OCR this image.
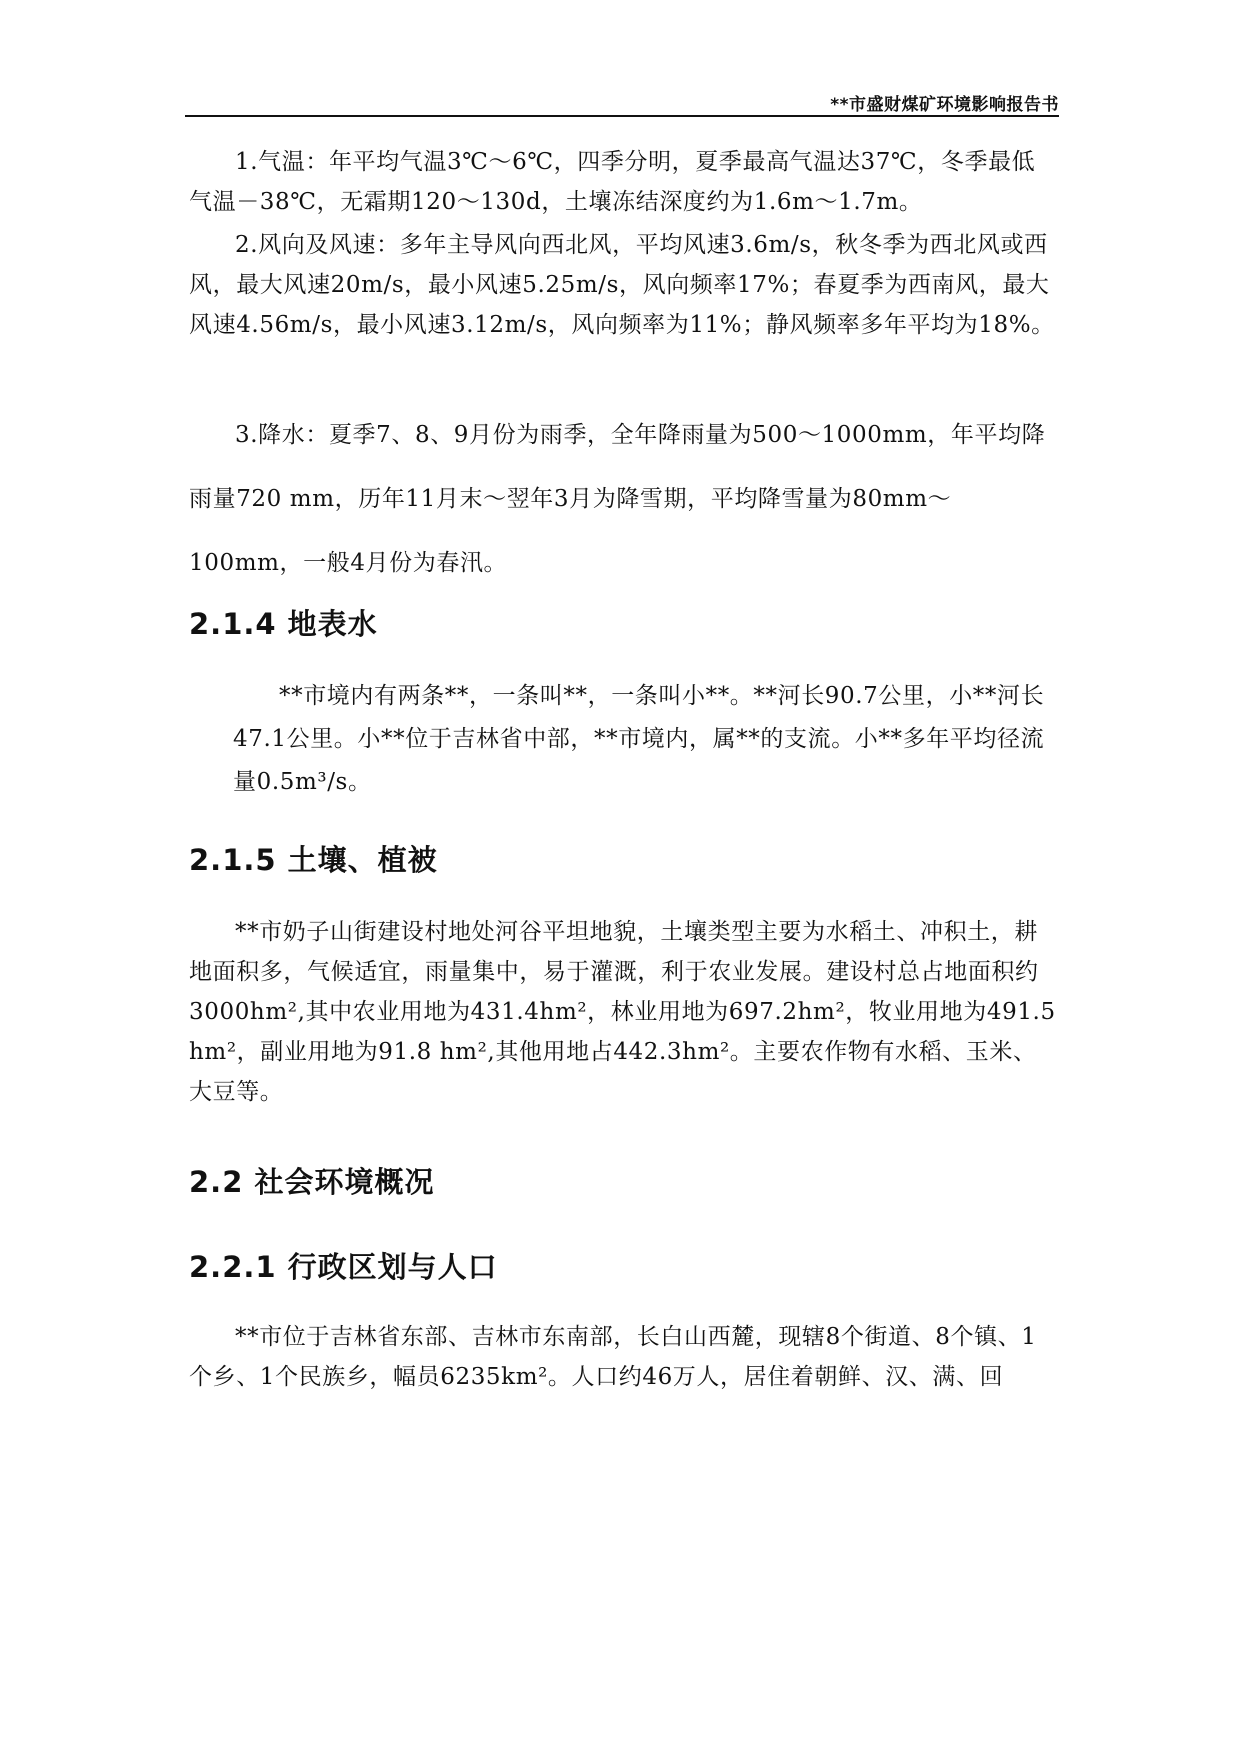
**市盛财煤矿环境影响报告书

1.气温：年平均气温3℃～6℃，四季分明，夏季最高气温达37℃，冬季最低气温－38℃，无霜期120～130d，土壤冻结深度约为1.6m～1.7m。

2.风向及风速：多年主导风向西北风，平均风速3.6m/s，秋冬季为西北风或西风，最大风速20m/s，最小风速5.25m/s，风向频率17%；春夏季为西南风，最大风速4.56m/s，最小风速3.12m/s，风向频率为11%；静风频率多年平均为18%。

3.降水：夏季7、8、9月份为雨季，全年降雨量为500～1000mm，年平均降雨量720 mm，历年11月末～翌年3月为降雪期，平均降雪量为80mm～100mm，一般4月份为春汛。

2.1.4 地表水

**市境内有两条**，一条叫**，一条叫小**。**河长90.7公里，小**河长47.1公里。小**位于吉林省中部，**市境内，属**的支流。小**多年平均径流量0.5m³/s。

2.1.5 土壤、植被

**市奶子山街建设村地处河谷平坦地貌，土壤类型主要为水稻土、冲积土，耕地面积多，气候适宜，雨量集中，易于灌溉，利于农业发展。建设村总占地面积约3000hm²,其中农业用地为431.4hm²，林业用地为697.2hm²，牧业用地为491.5 hm²，副业用地为91.8 hm²,其他用地占442.3hm²。主要农作物有水稻、玉米、大豆等。

2.2 社会环境概况
2.2.1 行政区划与人口

**市位于吉林省东部、吉林市东南部，长白山西麓，现辖8个街道、8个镇、1个乡、1个民族乡，幅员6235km²。人口约46万人，居住着朝鲜、汉、满、回
